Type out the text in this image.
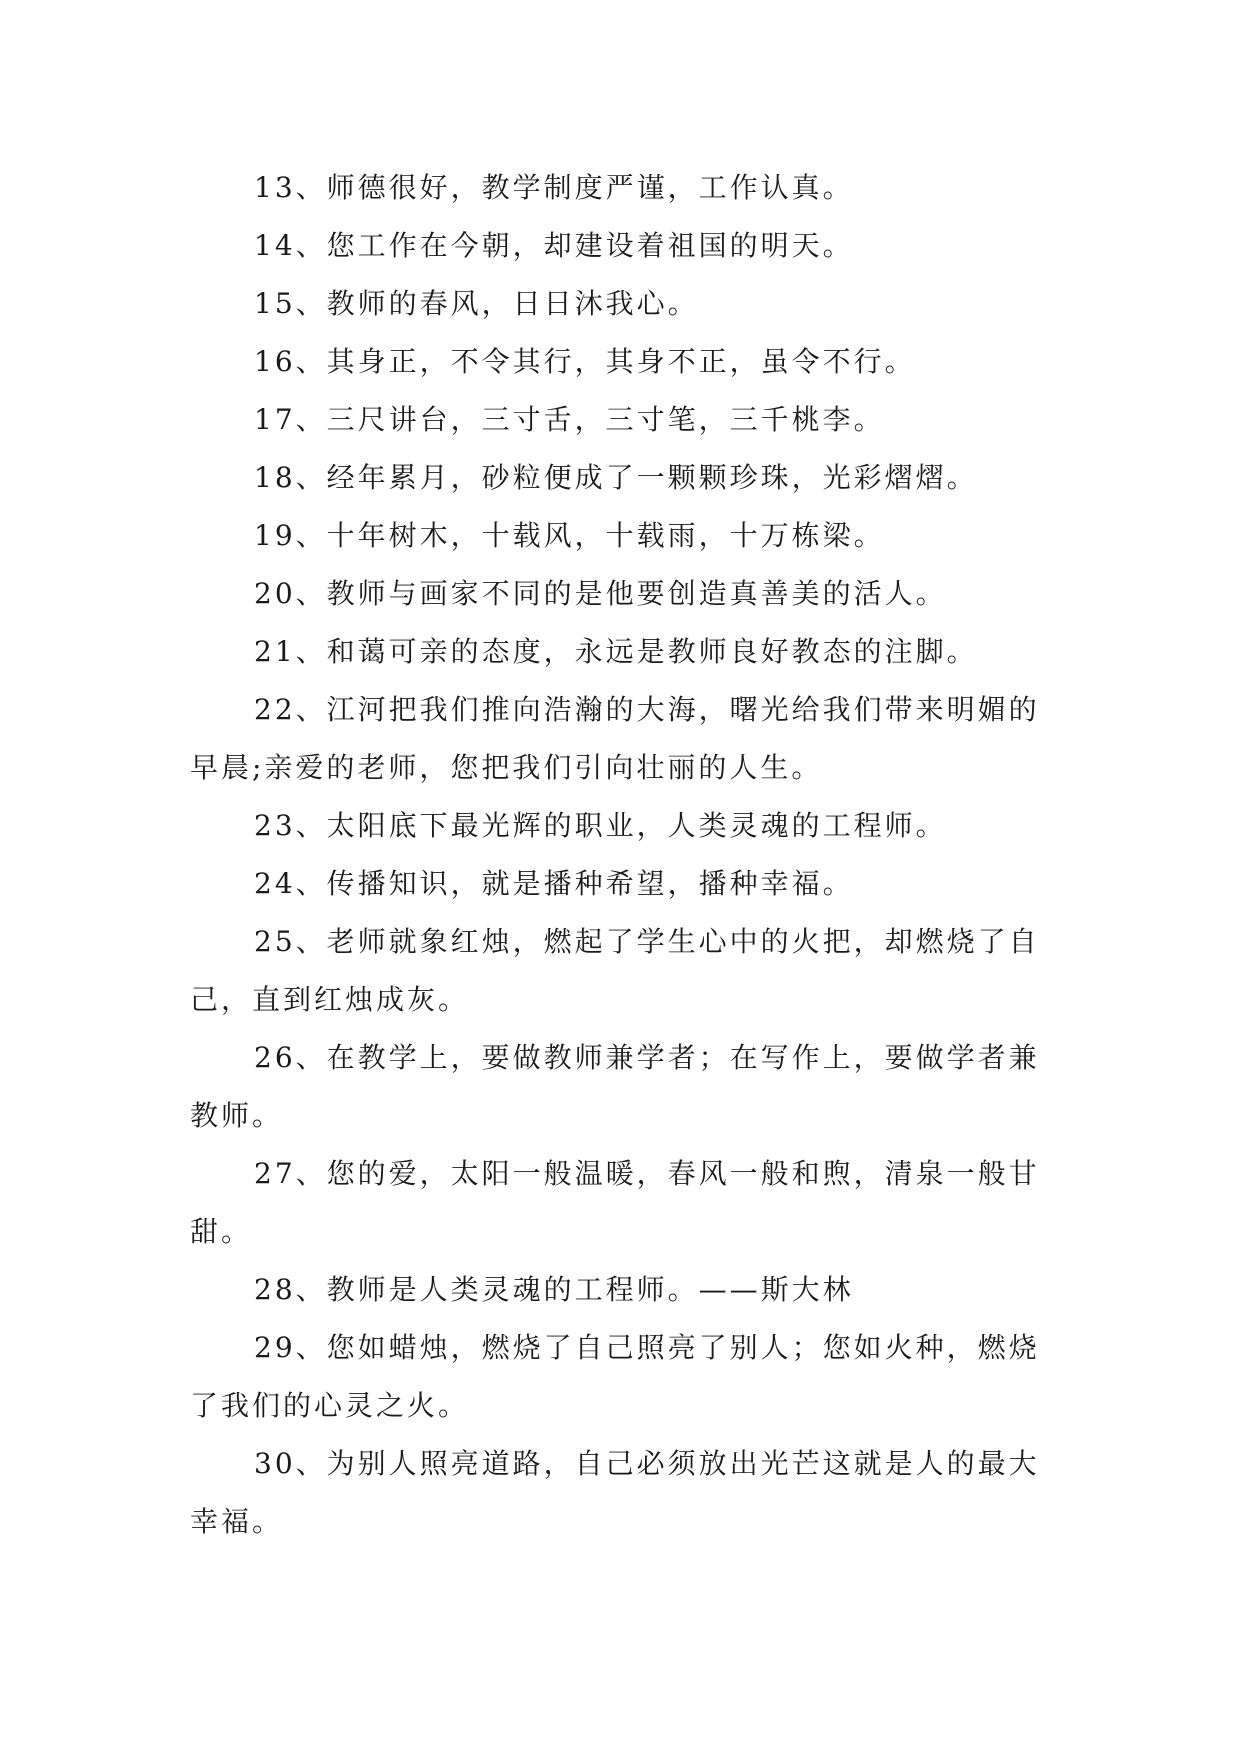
13、师德很好，教学制度严谨，工作认真。

14、您工作在今朝，却建设着祖国的明天。

15、教师的春风，日日沐我心。

16、其身正，不令其行，其身不正，虽令不行。

17、三尺讲台，三寸舌，三寸笔，三千桃李。

18、经年累月，砂粒便成了一颗颗珍珠，光彩熠熠。

19、十年树木，十载风，十载雨，十万栋梁。

20、教师与画家不同的是他要创造真善美的活人。

21、和蔼可亲的态度，永远是教师良好教态的注脚。

22、江河把我们推向浩瀚的大海，曙光给我们带来明媚的早晨;亲爱的老师，您把我们引向壮丽的人生。

23、太阳底下最光辉的职业，人类灵魂的工程师。

24、传播知识，就是播种希望，播种幸福。

25、老师就象红烛，燃起了学生心中的火把，却燃烧了自己，直到红烛成灰。

26、在教学上，要做教师兼学者；在写作上，要做学者兼教师。

27、您的爱，太阳一般温暖，春风一般和煦，清泉一般甘甜。

28、教师是人类灵魂的工程师。——斯大林

29、您如蜡烛，燃烧了自己照亮了别人；您如火种，燃烧了我们的心灵之火。

30、为别人照亮道路，自己必须放出光芒这就是人的最大幸福。
